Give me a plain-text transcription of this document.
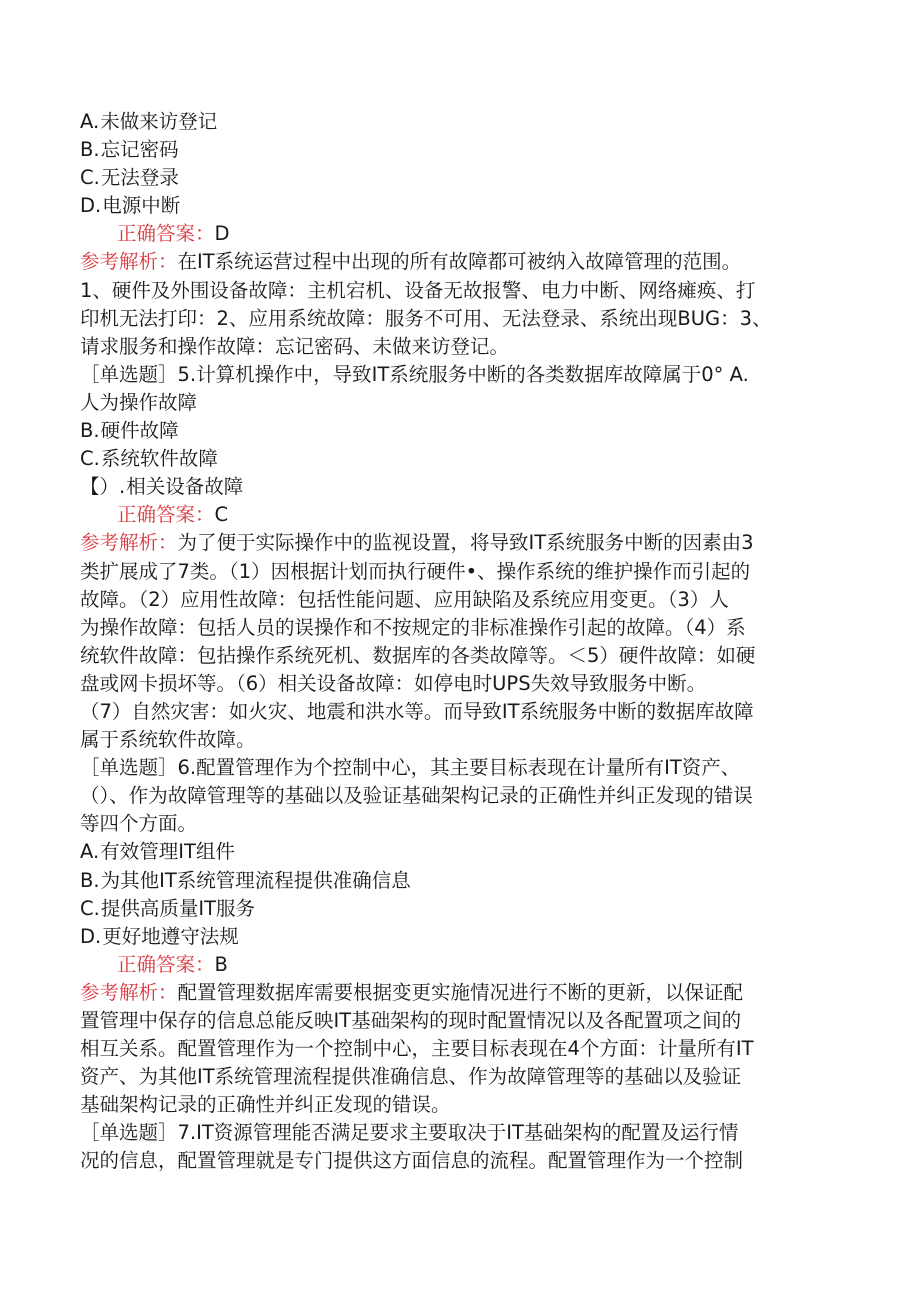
A.未做来访登记
B.忘记密码
C.无法登录
D.电源中断
正确答案：D
参考解析：在IT系统运营过程中出现的所有故障都可被纳入故障管理的范围。
1、硬件及外围设备故障：主机宕机、设备无故报警、电力中断、网络瘫痪、打
印机无法打印：2、应用系统故障：服务不可用、无法登录、系统出现BUG：3、
请求服务和操作故障：忘记密码、未做来访登记。
［单选题］5.计算机操作中，导致IT系统服务中断的各类数据库故障属于0° A.
人为操作故障
B.硬件故障
C.系统软件故障
【）.相关设备故障
正确答案：C
参考解析：为了便于实际操作中的监视设置，将导致IT系统服务中断的因素由3
类扩展成了7类。（1）因根据计划而执行硬件•、操作系统的维护操作而引起的
故障。（2）应用性故障：包括性能问题、应用缺陷及系统应用变更。（3）人
为操作故障：包括人员的误操作和不按规定的非标准操作引起的故障。（4）系
统软件故障：包拈操作系统死机、数据库的各类故障等。＜5）硬件故障：如硬
盘或网卡损坏等。（6）相关设备故障：如停电时UPS失效导致服务中断。
（7）自然灾害：如火灾、地震和洪水等。而导致IT系统服务中断的数据库故障
属于系统软件故障。
［单选题］6.配置管理作为个控制中心，其主要目标表现在计量所有IT资产、
（）、作为故障管理等的基础以及验证基础架构记录的正确性并纠正发现的错误
等四个方面。
A.有效管理IT组件
B.为其他IT系统管理流程提供准确信息
C.提供高质量IT服务
D.更好地遵守法规
正确答案：B
参考解析：配置管理数据库需要根据变更实施情况进行不断的更新，以保证配
置管理中保存的信息总能反映IT基础架构的现时配置情况以及各配置项之间的
相互关系。配置管理作为一个控制中心，主要目标表现在4个方面：计量所有IT
资产、为其他IT系统管理流程提供准确信息、作为故障管理等的基础以及验证
基础架构记录的正确性并纠正发现的错误。
［单选题］7.IT资源管理能否满足要求主要取决于IT基础架构的配置及运行情
况的信息，配置管理就是专门提供这方面信息的流程。配置管理作为一个控制
